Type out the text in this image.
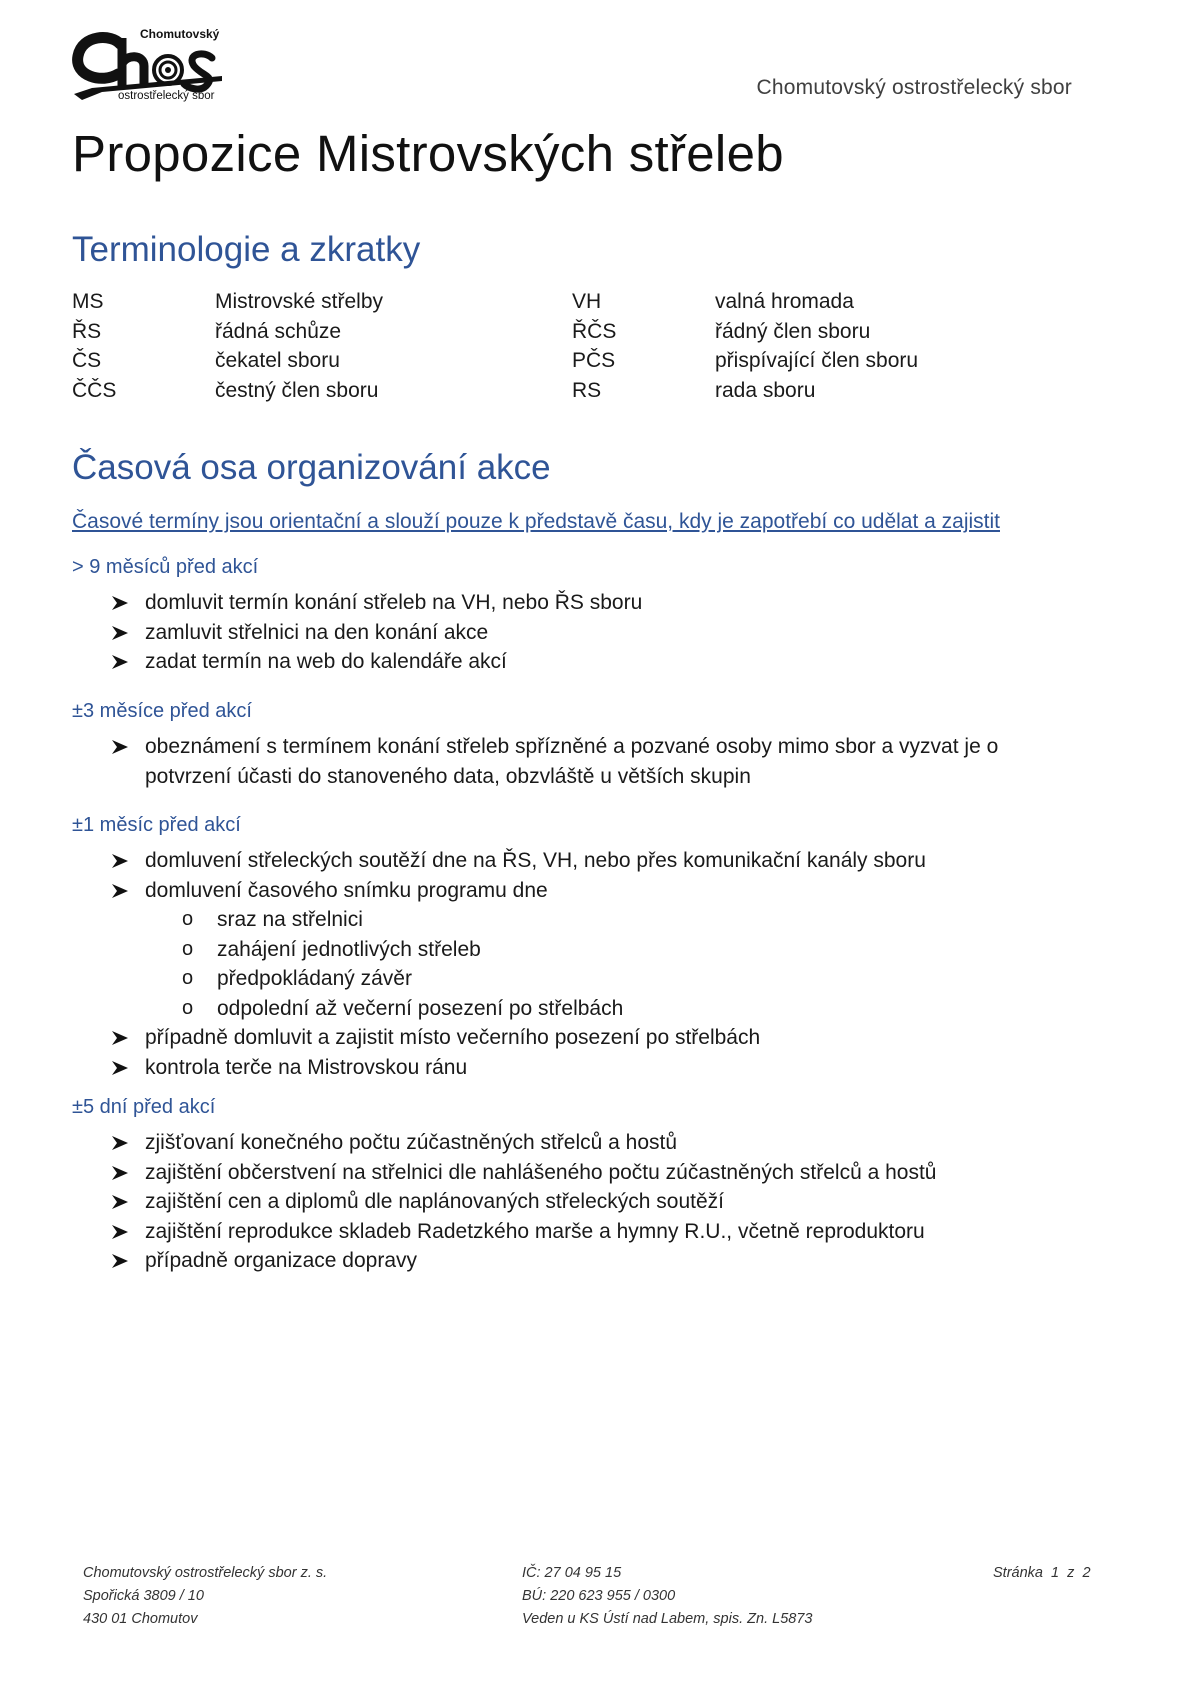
Chomutovský
ostrostřelecký sbor	Chomutovský ostrostřelecký sbor
Propozice Mistrovských střeleb
Terminologie a zkratky
MS	Mistrovské střelby	VH	valná hromada
ŘS	řádná schůze	ŘČS	řádný člen sboru
ČS	čekatel sboru	PČS	přispívající člen sboru
ČČS	čestný člen sboru	RS	rada sboru
Časová osa organizování akce
Časové termíny jsou orientační a slouží pouze k představě času, kdy je zapotřebí co udělat a zajistit
> 9 měsíců před akcí
domluvit termín konání střeleb na VH, nebo ŘS sboru
zamluvit střelnici na den konání akce
zadat termín na web do kalendáře akcí
±3 měsíce před akcí
obeznámení s termínem konání střeleb spřízněné a pozvané osoby mimo sbor a vyzvat je o potvrzení účasti do stanoveného data, obzvláště u větších skupin
±1 měsíc před akcí
domluvení střeleckých soutěží dne na ŘS, VH, nebo přes komunikační kanály sboru
domluvení časového snímku programu dne
o sraz na střelnici
o zahájení jednotlivých střeleb
o předpokládaný závěr
o odpolední až večerní posezení po střelbách
případně domluvit a zajistit místo večerního posezení po střelbách
kontrola terče na Mistrovskou ránu
±5 dní před akcí
zjišťovaní konečného počtu zúčastněných střelců a hostů
zajištění občerstvení na střelnici dle nahlášeného počtu zúčastněných střelců a hostů
zajištění cen a diplomů dle naplánovaných střeleckých soutěží
zajištění reprodukce skladeb Radetzkého marše a hymny R.U., včetně reproduktoru
případně organizace dopravy
Chomutovský ostrostřelecký sbor z. s.
Spořická 3809 / 10
430 01 Chomutov
IČ: 27 04 95 15
BÚ: 220 623 955 / 0300
Veden u KS Ústí nad Labem, spis. Zn. L5873
Stránka  1  z  2
